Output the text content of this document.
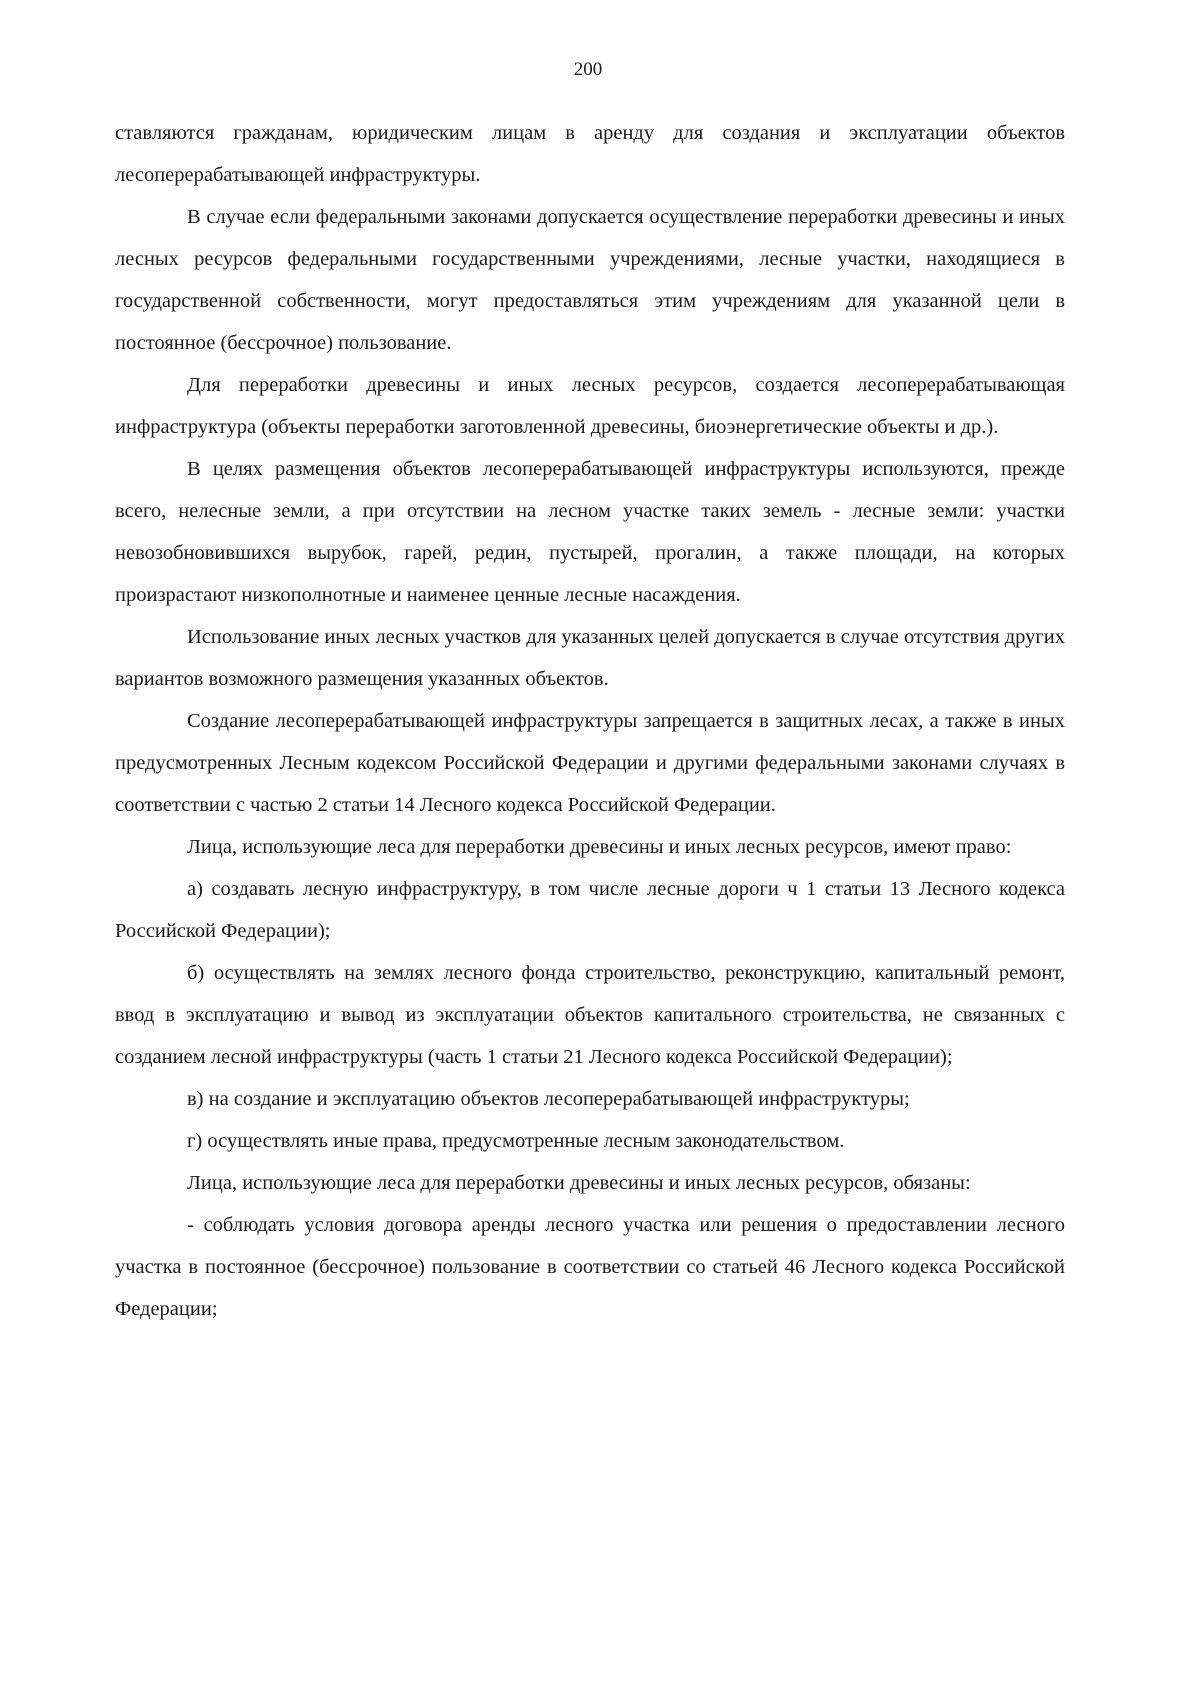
200

ставляются гражданам, юридическим лицам в аренду для создания и эксплуатации объектов лесоперерабатывающей инфраструктуры.

В случае если федеральными законами допускается осуществление переработки древесины и иных лесных ресурсов федеральными государственными учреждениями, лесные участки, находящиеся в государственной собственности, могут предоставляться этим учреждениям для указанной цели в постоянное (бессрочное) пользование.

Для переработки древесины и иных лесных ресурсов, создается лесоперерабатывающая инфраструктура (объекты переработки заготовленной древесины, биоэнергетические объекты и др.).

В целях размещения объектов лесоперерабатывающей инфраструктуры используются, прежде всего, нелесные земли, а при отсутствии на лесном участке таких земель - лесные земли: участки невозобновившихся вырубок, гарей, редин, пустырей, прогалин, а также площади, на которых произрастают низкополнотные и наименее ценные лесные насаждения.

Использование иных лесных участков для указанных целей допускается в случае отсутствия других вариантов возможного размещения указанных объектов.

Создание лесоперерабатывающей инфраструктуры запрещается в защитных лесах, а также в иных предусмотренных Лесным кодексом Российской Федерации и другими федеральными законами случаях в соответствии с частью 2 статьи 14 Лесного кодекса Российской Федерации.

Лица, использующие леса для переработки древесины и иных лесных ресурсов, имеют право:

а) создавать лесную инфраструктуру, в том числе лесные дороги ч 1 статьи 13 Лесного кодекса Российской Федерации);

б) осуществлять на землях лесного фонда строительство, реконструкцию, капитальный ремонт, ввод в эксплуатацию и вывод из эксплуатации объектов капитального строительства, не связанных с созданием лесной инфраструктуры (часть 1 статьи 21 Лесного кодекса Российской Федерации);

в) на создание и эксплуатацию объектов лесоперерабатывающей инфраструктуры;

г) осуществлять иные права, предусмотренные лесным законодательством.

Лица, использующие леса для переработки древесины и иных лесных ресурсов, обязаны:

- соблюдать условия договора аренды лесного участка или решения о предоставлении лесного участка в постоянное (бессрочное) пользование в соответствии со статьей 46 Лесного кодекса Российской Федерации;
